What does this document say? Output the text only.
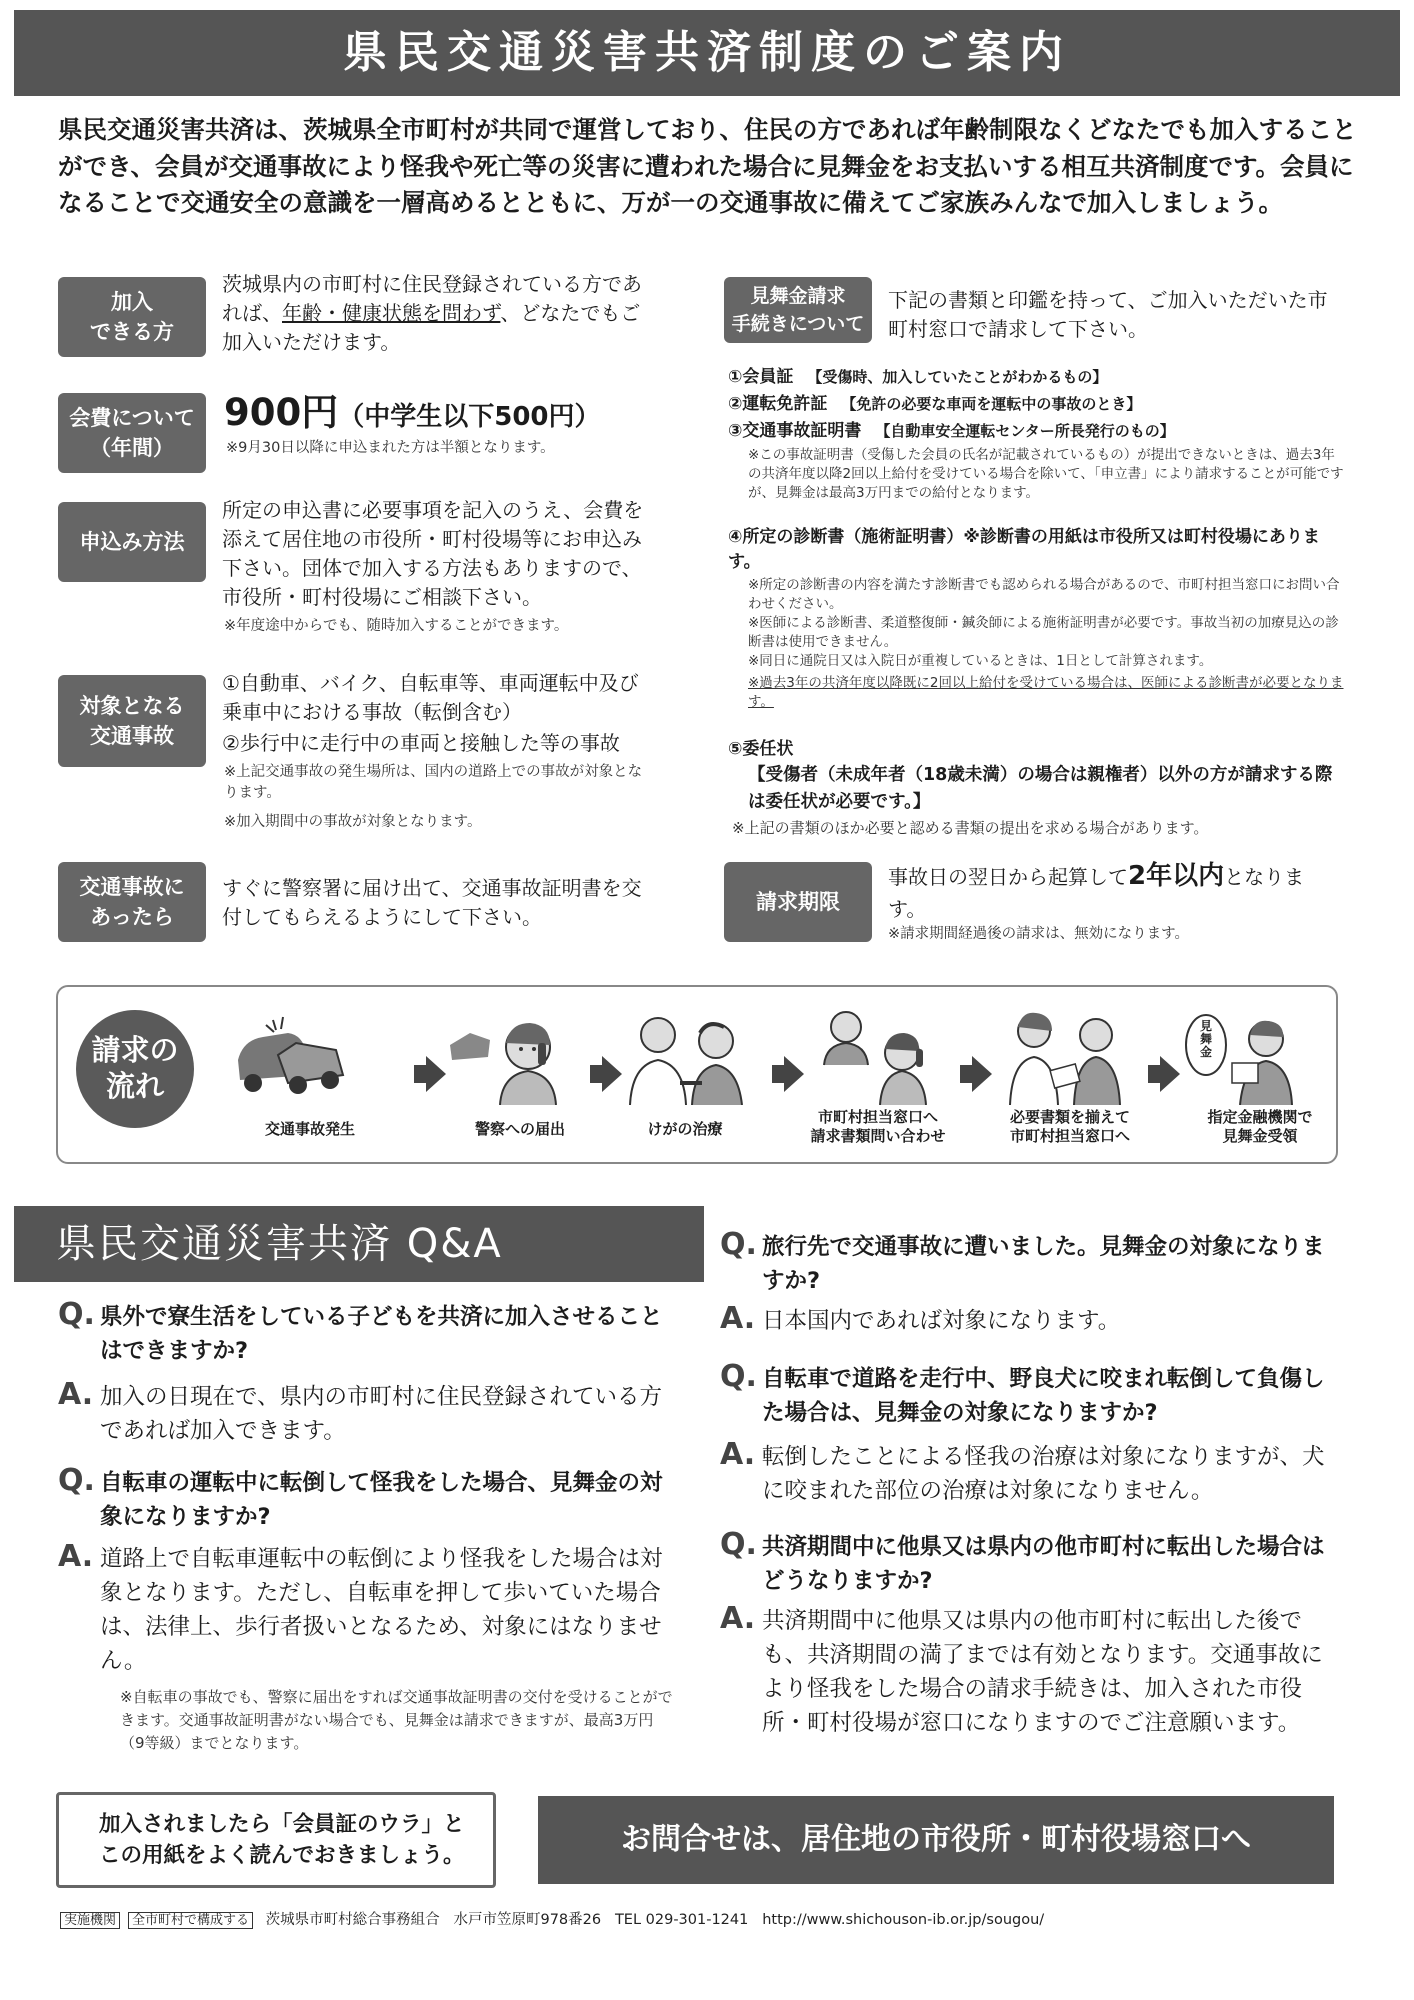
県民交通災害共済制度のご案内
県民交通災害共済は、茨城県全市町村が共同で運営しており、住民の方であれば年齢制限なくどなたでも加入することができ、会員が交通事故により怪我や死亡等の災害に遭われた場合に見舞金をお支払いする相互共済制度です。会員になることで交通安全の意識を一層高めるとともに、万が一の交通事故に備えてご家族みんなで加入しましょう。
加入
できる方
茨城県内の市町村に住民登録されている方であれば、年齢・健康状態を問わず、どなたでもご加入いただけます。
会費について
（年間）
900円（中学生以下500円）
※9月30日以降に申込まれた方は半額となります。
申込み方法
所定の申込書に必要事項を記入のうえ、会費を添えて居住地の市役所・町村役場等にお申込み下さい。団体で加入する方法もありますので、市役所・町村役場にご相談下さい。
※年度途中からでも、随時加入することができます。
対象となる
交通事故
①自動車、バイク、自転車等、車両運転中及び乗車中における事故（転倒含む）
②歩行中に走行中の車両と接触した等の事故
※上記交通事故の発生場所は、国内の道路上での事故が対象となります。
※加入期間中の事故が対象となります。
交通事故に
あったら
すぐに警察署に届け出て、交通事故証明書を交付してもらえるようにして下さい。
見舞金請求
手続きについて
下記の書類と印鑑を持って、ご加入いただいた市町村窓口で請求して下さい。
①会員証 【受傷時、加入していたことがわかるもの】
②運転免許証 【免許の必要な車両を運転中の事故のとき】
③交通事故証明書 【自動車安全運転センター所長発行のもの】
※この事故証明書（受傷した会員の氏名が記載されているもの）が提出できないときは、過去3年の共済年度以降2回以上給付を受けている場合を除いて、「申立書」により請求することが可能ですが、見舞金は最高3万円までの給付となります。
④所定の診断書（施術証明書）※診断書の用紙は市役所又は町村役場にあります。
※所定の診断書の内容を満たす診断書でも認められる場合があるので、市町村担当窓口にお問い合わせください。
※医師による診断書、柔道整復師・鍼灸師による施術証明書が必要です。事故当初の加療見込の診断書は使用できません。
※同日に通院日又は入院日が重複しているときは、1日として計算されます。
※過去3年の共済年度以降既に2回以上給付を受けている場合は、医師による診断書が必要となります。
⑤委任状
【受傷者（未成年者（18歳未満）の場合は親権者）以外の方が請求する際は委任状が必要です。】
※上記の書類のほか必要と認める書類の提出を求める場合があります。
請求期限
事故日の翌日から起算して2年以内となります。
※請求期間経過後の請求は、無効になります。
請求の
流れ
交通事故発生	警察への届出	けがの治療
市町村担当窓口へ
請求書類問い合わせ
必要書類を揃えて
市町村担当窓口へ
見舞金
指定金融機関で
見舞金受領
県民交通災害共済 Q&A
Q. 県外で寮生活をしている子どもを共済に加入させることはできますか?
A. 加入の日現在で、県内の市町村に住民登録されている方であれば加入できます。
Q. 自転車の運転中に転倒して怪我をした場合、見舞金の対象になりますか?
A. 道路上で自転車運転中の転倒により怪我をした場合は対象となります。ただし、自転車を押して歩いていた場合は、法律上、歩行者扱いとなるため、対象にはなりません。
※自転車の事故でも、警察に届出をすれば交通事故証明書の交付を受けることができます。交通事故証明書がない場合でも、見舞金は請求できますが、最高3万円（9等級）までとなります。
Q. 旅行先で交通事故に遭いました。見舞金の対象になりますか?
A. 日本国内であれば対象になります。
Q. 自転車で道路を走行中、野良犬に咬まれ転倒して負傷した場合は、見舞金の対象になりますか?
A. 転倒したことによる怪我の治療は対象になりますが、犬に咬まれた部位の治療は対象になりません。
Q. 共済期間中に他県又は県内の他市町村に転出した場合はどうなりますか?
A. 共済期間中に他県又は県内の他市町村に転出した後でも、共済期間の満了までは有効となります。交通事故により怪我をした場合の請求手続きは、加入された市役所・町村役場が窓口になりますのでご注意願います。
加入されましたら「会員証のウラ」と
この用紙をよく読んでおきましょう。	お問合せは、居住地の市役所・町村役場窓口へ
実施機関 全市町村で構成する 茨城県市町村総合事務組合 水戸市笠原町978番26 TEL 029-301-1241 http://www.shichouson-ib.or.jp/sougou/
